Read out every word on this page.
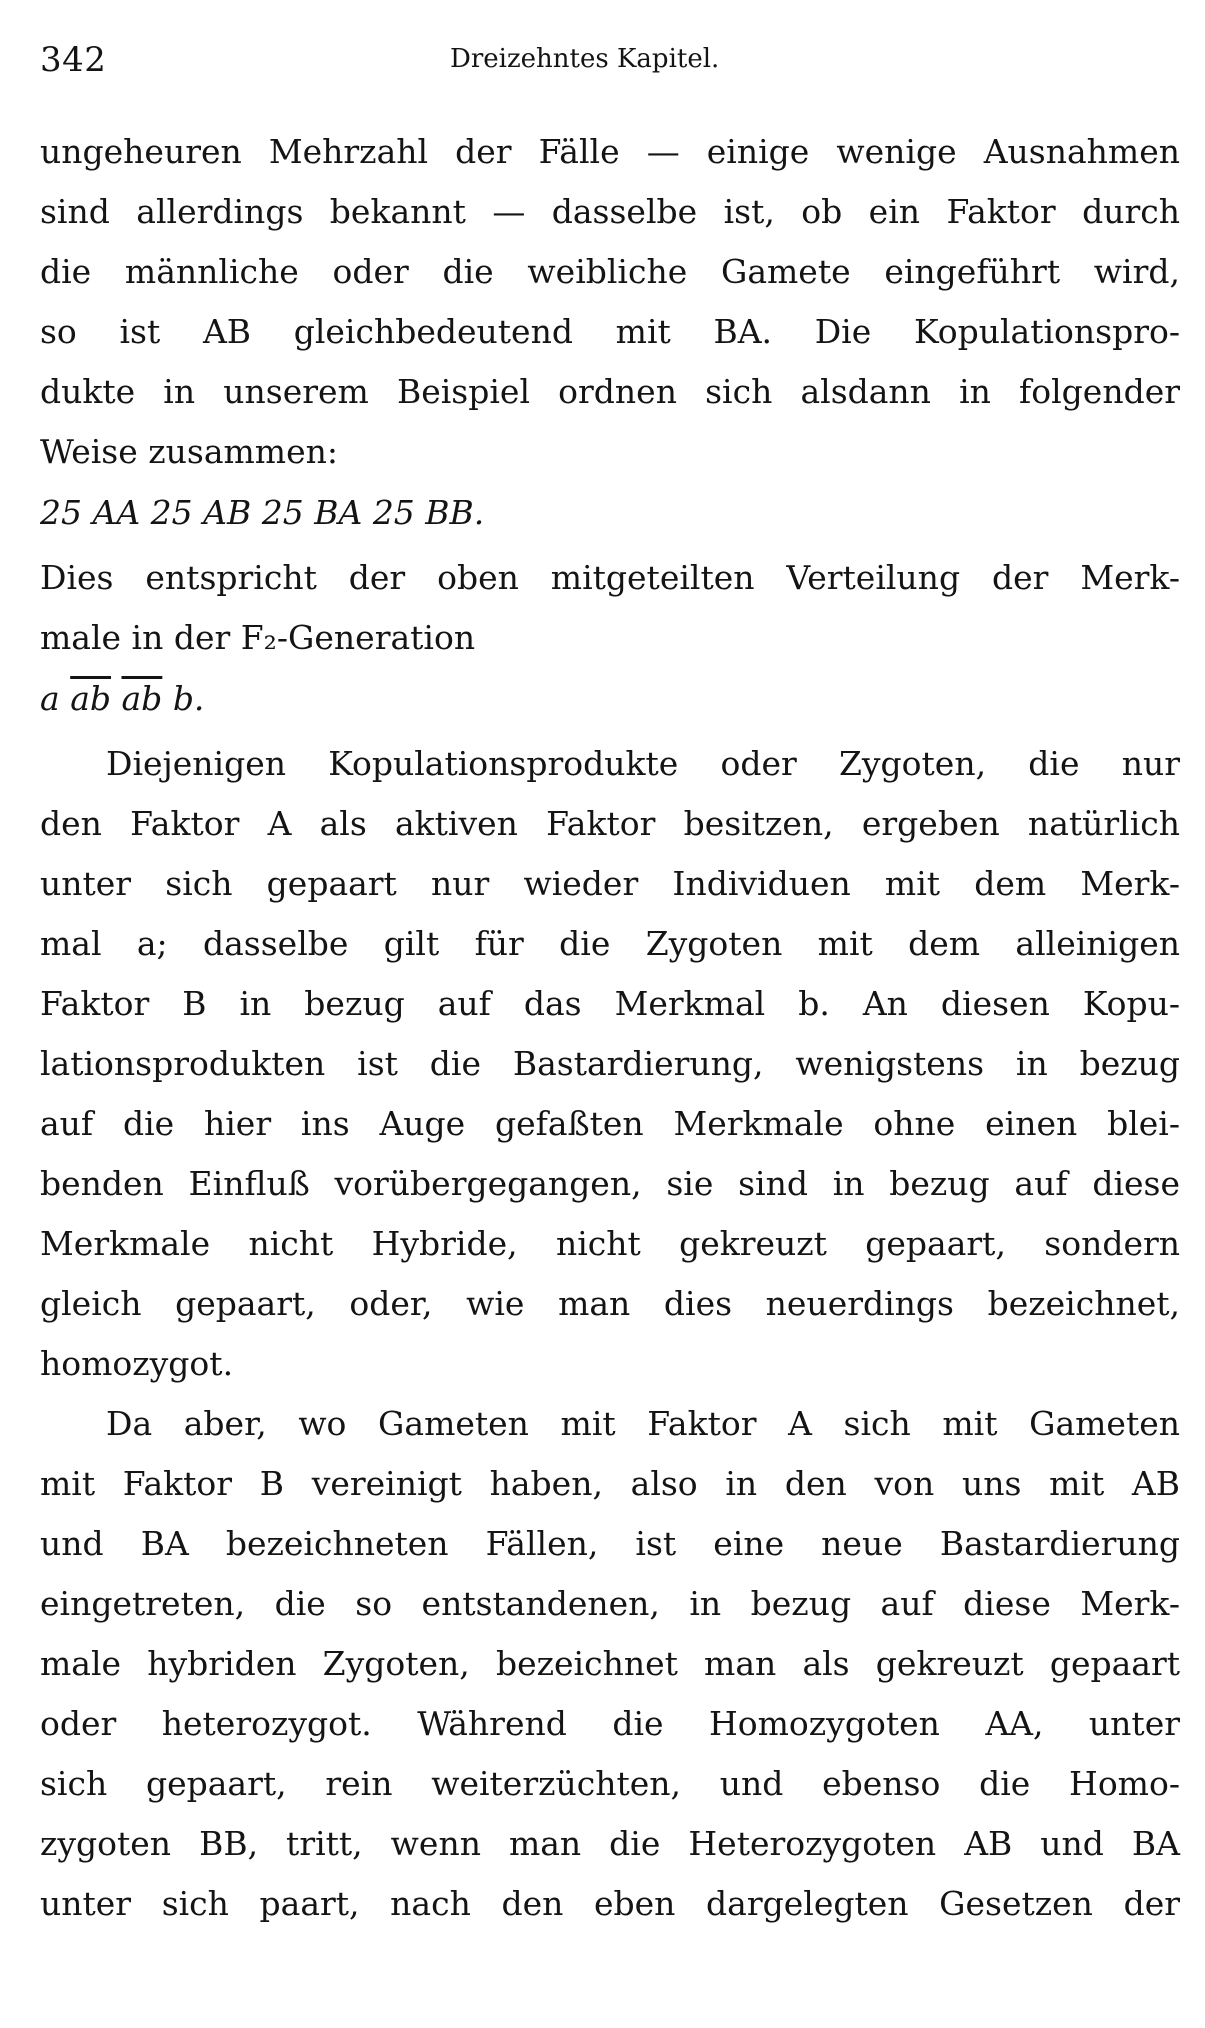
342	Dreizehntes Kapitel.
ungeheuren Mehrzahl der Fälle — einige wenige Ausnahmen
sind allerdings bekannt — dasselbe ist, ob ein Faktor durch
die männliche oder die weibliche Gamete eingeführt wird,
so ist AB gleichbedeutend mit BA. Die Kopulationspro-
dukte in unserem Beispiel ordnen sich alsdann in folgender
Weise zusammen:
25 AA 25 AB 25 BA 25 BB.
Dies entspricht der oben mitgeteilten Verteilung der Merk-
male in der F₂-Generation
a $\overline{ab}$ $\overline{ab}$ b.
Diejenigen Kopulationsprodukte oder Zygoten, die nur
den Faktor A als aktiven Faktor besitzen, ergeben natürlich
unter sich gepaart nur wieder Individuen mit dem Merk-
mal a; dasselbe gilt für die Zygoten mit dem alleinigen
Faktor B in bezug auf das Merkmal b. An diesen Kopu-
lationsprodukten ist die Bastardierung, wenigstens in bezug
auf die hier ins Auge gefaßten Merkmale ohne einen blei-
benden Einfluß vorübergegangen, sie sind in bezug auf diese
Merkmale nicht Hybride, nicht gekreuzt gepaart, sondern
gleich gepaart, oder, wie man dies neuerdings bezeichnet,
homozygot.
Da aber, wo Gameten mit Faktor A sich mit Gameten
mit Faktor B vereinigt haben, also in den von uns mit AB
und BA bezeichneten Fällen, ist eine neue Bastardierung
eingetreten, die so entstandenen, in bezug auf diese Merk-
male hybriden Zygoten, bezeichnet man als gekreuzt gepaart
oder heterozygot. Während die Homozygoten AA, unter
sich gepaart, rein weiterzüchten, und ebenso die Homo-
zygoten BB, tritt, wenn man die Heterozygoten AB und BA
unter sich paart, nach den eben dargelegten Gesetzen der
